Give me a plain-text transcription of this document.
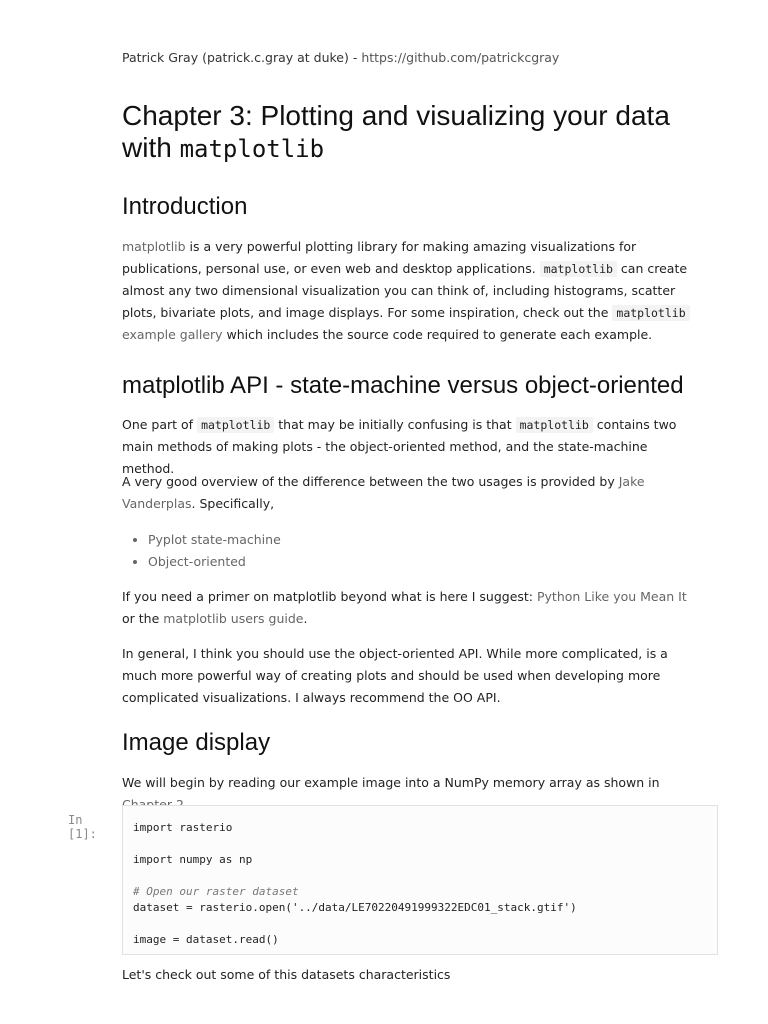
Patrick Gray (patrick.c.gray at duke) - https://github.com/patrickcgray
Chapter 3: Plotting and visualizing your data with matplotlib
Introduction

matplotlib is a very powerful plotting library for making amazing visualizations for publications, personal use, or even web and desktop applications. matplotlib can create almost any two dimensional visualization you can think of, including histograms, scatter plots, bivariate plots, and image displays. For some inspiration, check out the matplotlib example gallery which includes the source code required to generate each example.

matplotlib API - state-machine versus object-oriented

One part of matplotlib that may be initially confusing is that matplotlib contains two main methods of making plots - the object-oriented method, and the state-machine method.

A very good overview of the difference between the two usages is provided by Jake Vanderplas. Specifically,

• Pyplot state-machine
• Object-oriented

If you need a primer on matplotlib beyond what is here I suggest: Python Like you Mean It or the matplotlib users guide.

In general, I think you should use the object-oriented API. While more complicated, is a much more powerful way of creating plots and should be used when developing more complicated visualizations. I always recommend the OO API.

Image display

We will begin by reading our example image into a NumPy memory array as shown in

Let's check out some of this datasets characteristics

In [1]:	import rasterio
import numpy as np
# Open our raster dataset
dataset = rasterio.open('../data/LE70220491999322EDC01_stack.gtif')
image = dataset.read()
